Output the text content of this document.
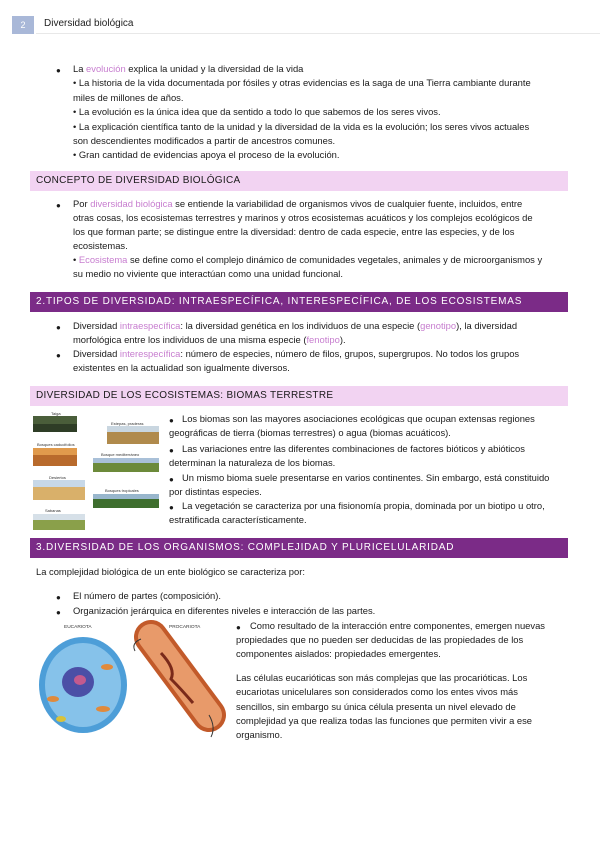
2	Diversidad biológica
● La evolución explica la unidad y la diversidad de la vida
• La historia de la vida documentada por fósiles y otras evidencias es la saga de una Tierra cambiante durante
miles de millones de años.
• La evolución es la única idea que da sentido a todo lo que sabemos de los seres vivos.
• La explicación científica tanto de la unidad y la diversidad de la vida es la evolución; los seres vivos actuales
son descendientes modificados a partir de ancestros comunes.
• Gran cantidad de evidencias apoya el proceso de la evolución.
CONCEPTO DE DIVERSIDAD BIOLÓGICA
● Por diversidad biológica se entiende la variabilidad de organismos vivos de cualquier fuente, incluidos, entre
otras cosas, los ecosistemas terrestres y marinos y otros ecosistemas acuáticos y los complejos ecológicos de
los que forman parte; se distingue entre la diversidad: dentro de cada especie, entre las especies, y de los
ecosistemas.
• Ecosistema se define como el complejo dinámico de comunidades vegetales, animales y de microorganismos y
su medio no viviente que interactúan como una unidad funcional.
2.TIPOS DE DIVERSIDAD: INTRAESPECÍFICA, INTERESPECÍFICA, DE LOS ECOSISTEMAS
● Diversidad intraespecífica: la diversidad genética en los individuos de una especie (genotipo), la diversidad
morfológica entre los individuos de una misma especie (fenotipo).
● Diversidad interespecífica: número de especies, número de filos, grupos, supergrupos. No todos los grupos
existentes en la actualidad son igualmente diversos.
DIVERSIDAD DE LOS ECOSISTEMAS: BIOMAS TERRESTRE
Taiga
Estepas, praderas
Bosques caducifolios
Bosque mediterráneo
Desiertos
Bosques tropicales
Sabanas
● Los biomas son las mayores asociaciones ecológicas que ocupan extensas regiones
geográficas de tierra (biomas terrestres) o agua (biomas acuáticos).
● Las variaciones entre las diferentes combinaciones de factores bióticos y abióticos
determinan la naturaleza de los biomas.
● Un mismo bioma suele presentarse en varios continentes. Sin embargo, está constituido
por distintas especies.
● La vegetación se caracteriza por una fisionomía propia, dominada por un biotipo u otro,
estratificada característicamente.
3.DIVERSIDAD DE LOS ORGANISMOS: COMPLEJIDAD Y PLURICELULARIDAD
La complejidad biológica de un ente biológico se caracteriza por:
● El número de partes (composición).
● Organización jerárquica en diferentes niveles e interacción de las partes.
EUCARIOTA	PROCARIOTA	● Como resultado de la interacción entre componentes, emergen nuevas
propiedades que no pueden ser deducidas de las propiedades de los
componentes aislados: propiedades emergentes.
Las células eucarióticas son más complejas que las procarióticas. Los
eucariotas unicelulares son considerados como los entes vivos más
sencillos, sin embargo su única célula presenta un nivel elevado de
complejidad ya que realiza todas las funciones que permiten vivir a ese
organismo.
